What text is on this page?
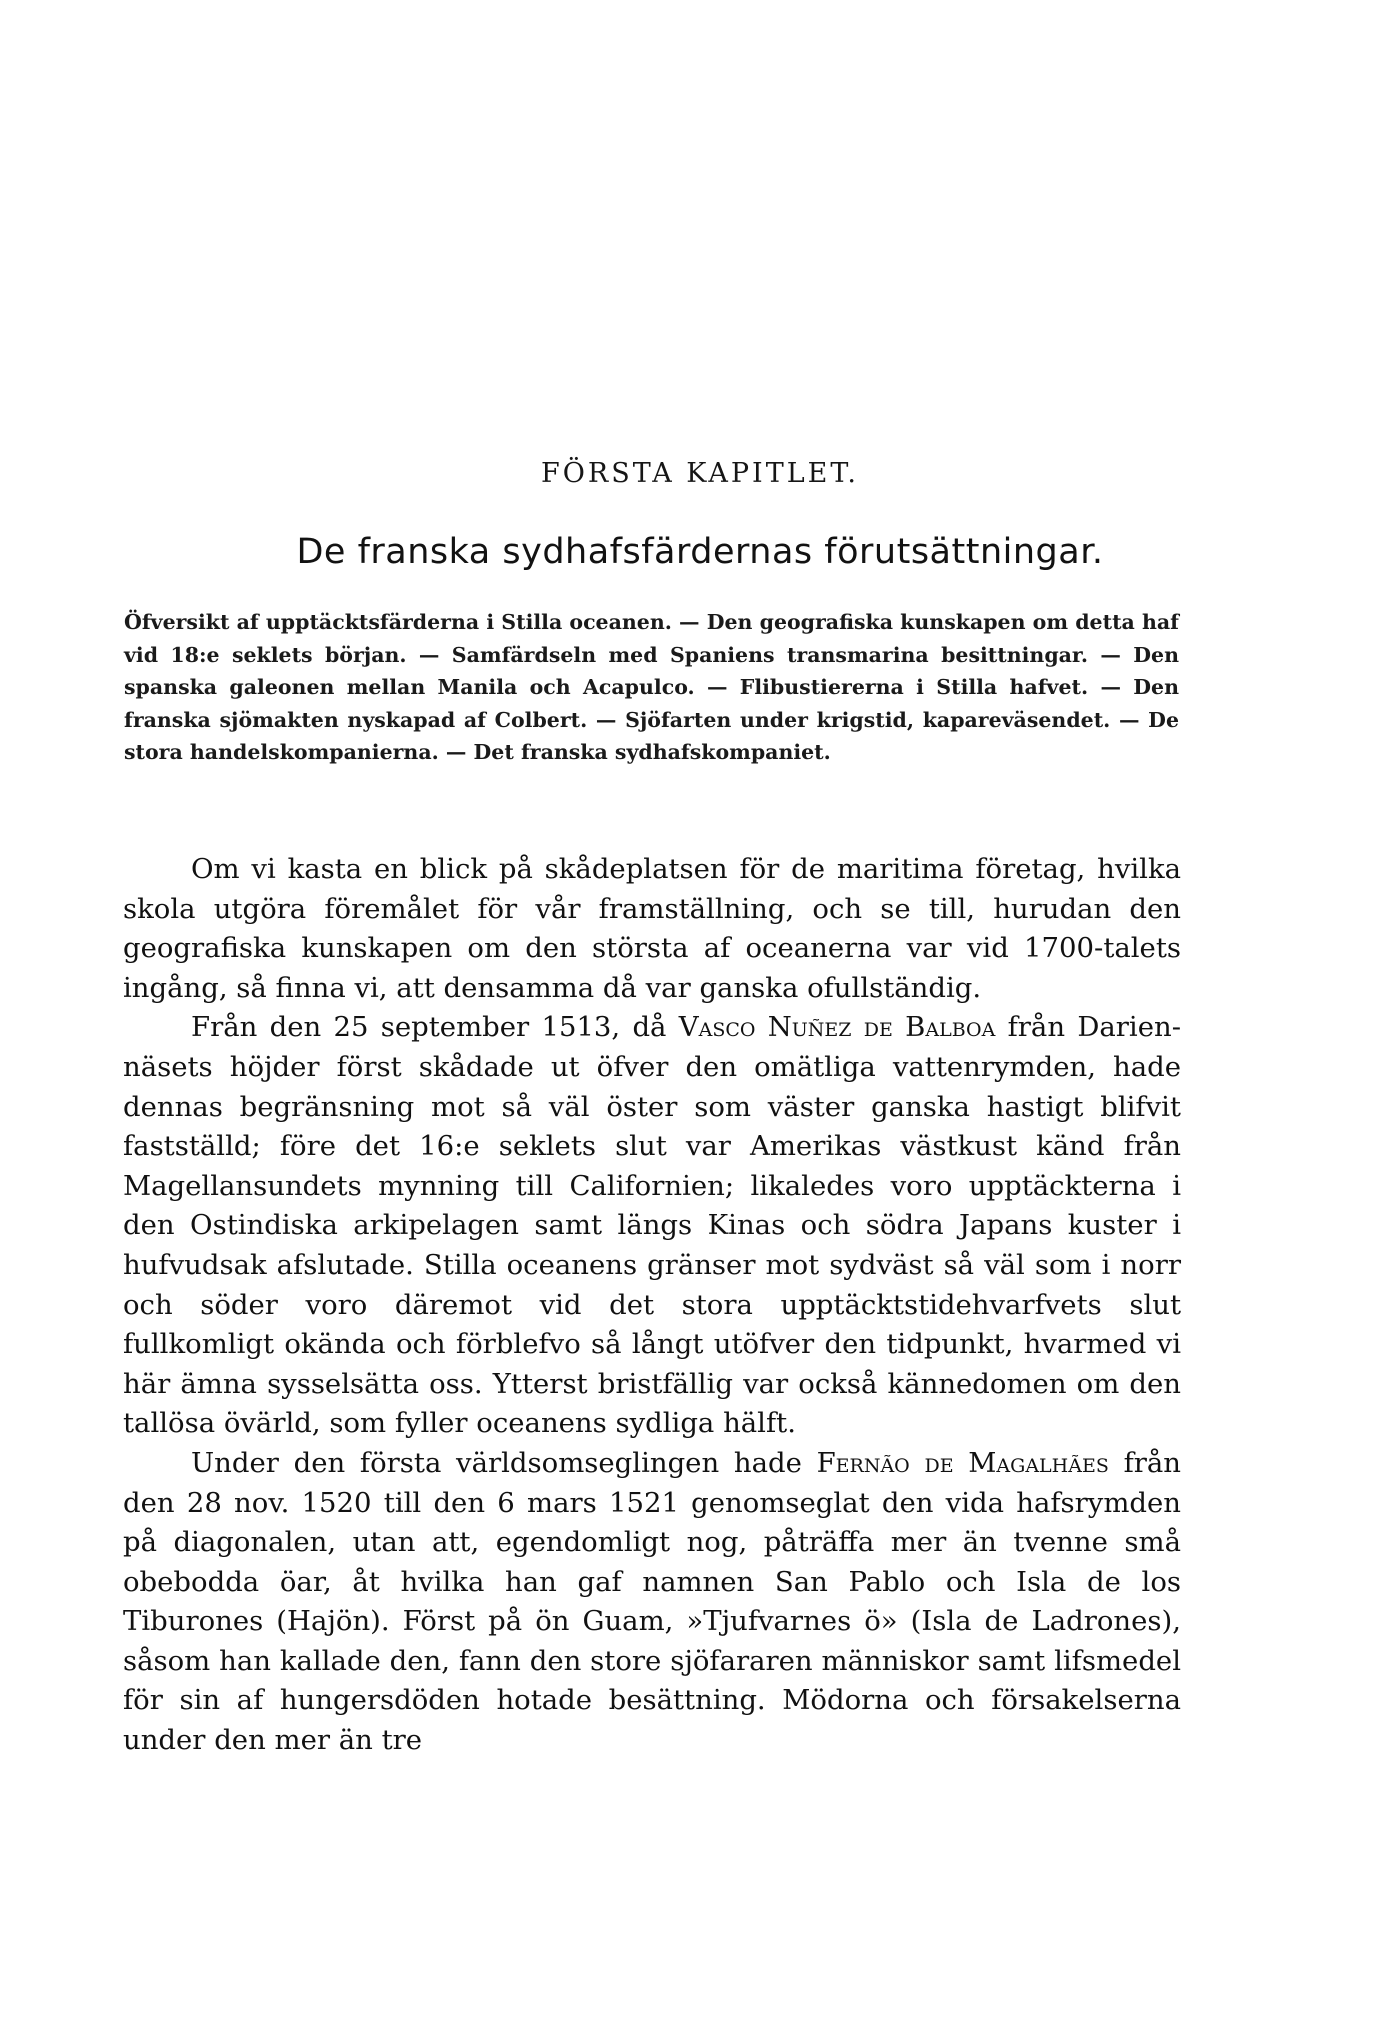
FÖRSTA KAPITLET.
De franska sydhafsfärdernas förutsättningar.
Öfversikt af upptäcktsfärderna i Stilla oceanen. — Den geografiska kunskapen om detta haf vid 18:e seklets början. — Samfärdseln med Spaniens transmarina besittningar. — Den spanska galeonen mellan Manila och Acapulco. — Flibustiererna i Stilla hafvet. — Den franska sjömakten nyskapad af Colbert. — Sjöfarten under krigstid, kapareväsendet. — De stora handelskompanierna. — Det franska sydhafskompaniet.

Om vi kasta en blick på skådeplatsen för de maritima företag, hvilka skola utgöra föremålet för vår framställning, och se till, hurudan den geografiska kunskapen om den största af oceanerna var vid 1700-talets ingång, så finna vi, att densamma då var ganska ofullständig.

Från den 25 september 1513, då Vasco Nuñez de Balboa från Darien-näsets höjder först skådade ut öfver den omätliga vattenrymden, hade dennas begränsning mot så väl öster som väster ganska hastigt blifvit fastställd; före det 16:e seklets slut var Amerikas västkust känd från Magellansundets mynning till Californien; likaledes voro upptäckterna i den Ostindiska arkipelagen samt längs Kinas och södra Japans kuster i hufvudsak afslutade. Stilla oceanens gränser mot sydväst så väl som i norr och söder voro däremot vid det stora upptäcktstidehvarfvets slut fullkomligt okända och förblefvo så långt utöfver den tidpunkt, hvarmed vi här ämna sysselsätta oss. Ytterst bristfällig var också kännedomen om den tallösa övärld, som fyller oceanens sydliga hälft.

Under den första världsomseglingen hade Fernão de Magalhães från den 28 nov. 1520 till den 6 mars 1521 genomseglat den vida hafsrymden på diagonalen, utan att, egendomligt nog, påträffa mer än tvenne små obebodda öar, åt hvilka han gaf namnen San Pablo och Isla de los Tiburones (Hajön). Först på ön Guam, »Tjufvarnes ö» (Isla de Ladrones), såsom han kallade den, fann den store sjöfararen människor samt lifsmedel för sin af hungersdöden hotade besättning. Mödorna och försakelserna under den mer än tre
